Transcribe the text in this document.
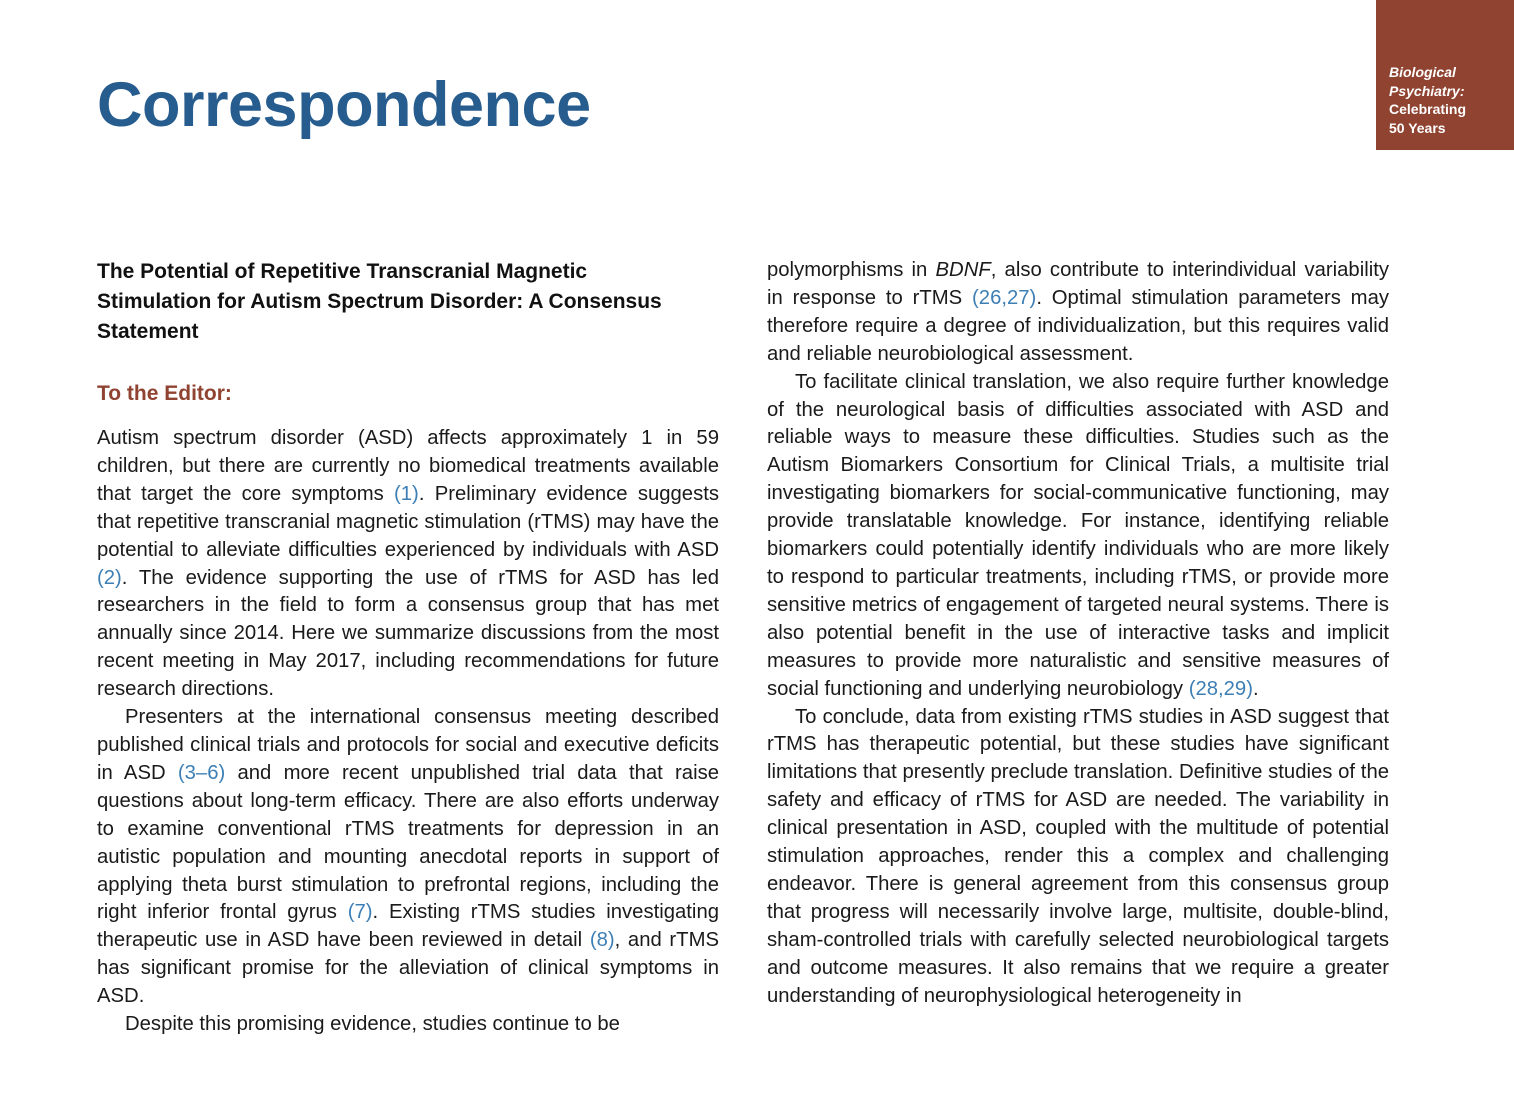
Correspondence	Biological
Psychiatry:
Celebrating
50 Years
The Potential of Repetitive Transcranial Magnetic Stimulation for Autism Spectrum Disorder: A Consensus Statement
To the Editor:

Autism spectrum disorder (ASD) affects approximately 1 in 59 children, but there are currently no biomedical treatments available that target the core symptoms (1). Preliminary evidence suggests that repetitive transcranial magnetic stimulation (rTMS) may have the potential to alleviate difficulties experienced by individuals with ASD (2). The evidence supporting the use of rTMS for ASD has led researchers in the field to form a consensus group that has met annually since 2014. Here we summarize discussions from the most recent meeting in May 2017, including recommendations for future research directions.

Presenters at the international consensus meeting described published clinical trials and protocols for social and executive deficits in ASD (3–6) and more recent unpublished trial data that raise questions about long-term efficacy. There are also efforts underway to examine conventional rTMS treatments for depression in an autistic population and mounting anecdotal reports in support of applying theta burst stimulation to prefrontal regions, including the right inferior frontal gyrus (7). Existing rTMS studies investigating therapeutic use in ASD have been reviewed in detail (8), and rTMS has significant promise for the alleviation of clinical symptoms in ASD.

Despite this promising evidence, studies continue to be

polymorphisms in BDNF, also contribute to interindividual variability in response to rTMS (26,27). Optimal stimulation parameters may therefore require a degree of individualization, but this requires valid and reliable neurobiological assessment.

To facilitate clinical translation, we also require further knowledge of the neurological basis of difficulties associated with ASD and reliable ways to measure these difficulties. Studies such as the Autism Biomarkers Consortium for Clinical Trials, a multisite trial investigating biomarkers for social-communicative functioning, may provide translatable knowledge. For instance, identifying reliable biomarkers could potentially identify individuals who are more likely to respond to particular treatments, including rTMS, or provide more sensitive metrics of engagement of targeted neural systems. There is also potential benefit in the use of interactive tasks and implicit measures to provide more naturalistic and sensitive measures of social functioning and underlying neurobiology (28,29).

To conclude, data from existing rTMS studies in ASD suggest that rTMS has therapeutic potential, but these studies have significant limitations that presently preclude translation. Definitive studies of the safety and efficacy of rTMS for ASD are needed. The variability in clinical presentation in ASD, coupled with the multitude of potential stimulation approaches, render this a complex and challenging endeavor. There is general agreement from this consensus group that progress will necessarily involve large, multisite, double-blind, sham-controlled trials with carefully selected neurobiological targets and outcome measures. It also remains that we require a greater understanding of neurophysiological heterogeneity in
